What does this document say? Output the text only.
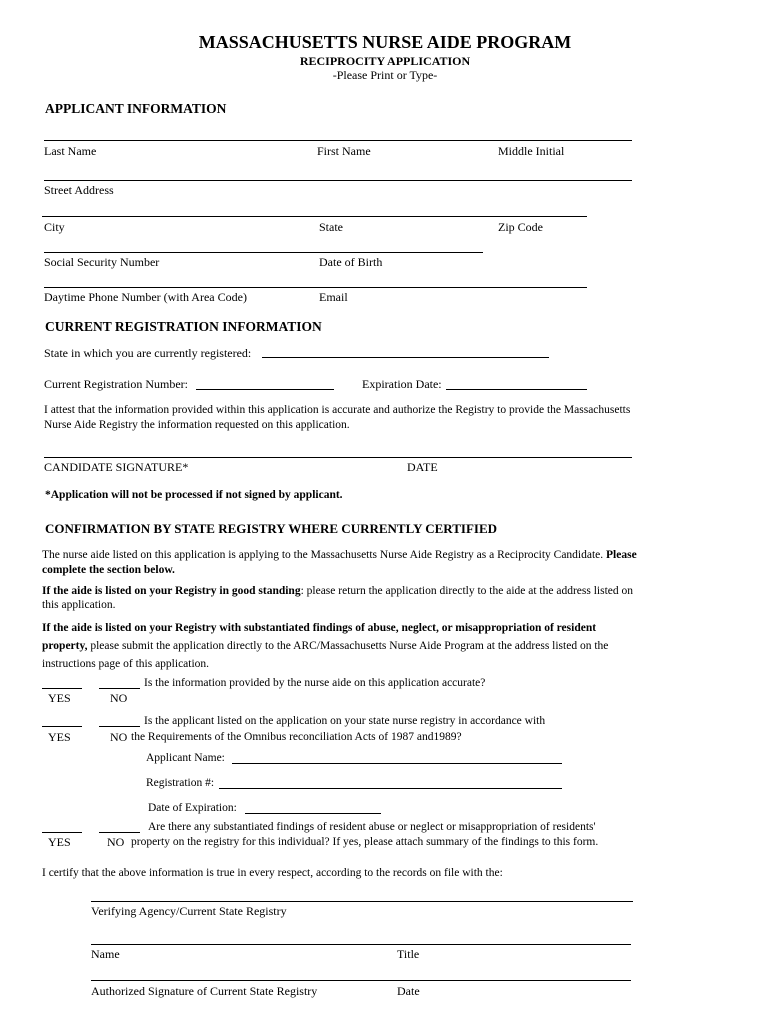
MASSACHUSETTS NURSE AIDE PROGRAM
RECIPROCITY APPLICATION
-Please Print or Type-
APPLICANT INFORMATION
Last Name	First Name	Middle Initial
Street Address
City	State	Zip Code
Social Security Number	Date of Birth
Daytime Phone Number (with Area Code)	Email
CURRENT REGISTRATION INFORMATION
State in which you are currently registered:
Current Registration Number:	Expiration Date:
I attest that the information provided within this application is accurate and authorize the Registry to provide the Massachusetts
Nurse Aide Registry the information requested on this application.
CANDIDATE SIGNATURE*	DATE
*Application will not be processed if not signed by applicant.
CONFIRMATION BY STATE REGISTRY WHERE CURRENTLY CERTIFIED
The nurse aide listed on this application is applying to the Massachusetts Nurse Aide Registry as a Reciprocity Candidate. Please
complete the section below.
If the aide is listed on your Registry in good standing: please return the application directly to the aide at the address listed on
this application.
If the aide is listed on your Registry with substantiated findings of abuse, neglect, or misappropriation of resident
property, please submit the application directly to the ARC/Massachusetts Nurse Aide Program at the address listed on the
instructions page of this application.
Is the information provided by the nurse aide on this application accurate?
YES	NO
Is the applicant listed on the application on your state nurse registry in accordance with
YES	NO the Requirements of the Omnibus reconciliation Acts of 1987 and1989?
Applicant Name:
Registration #:
Date of Expiration:
Are there any substantiated findings of resident abuse or neglect or misappropriation of residents'
YES	NO property on the registry for this individual? If yes, please attach summary of the findings to this form.
I certify that the above information is true in every respect, according to the records on file with the:
Verifying Agency/Current State Registry
Name	Title
Authorized Signature of Current State Registry	Date
